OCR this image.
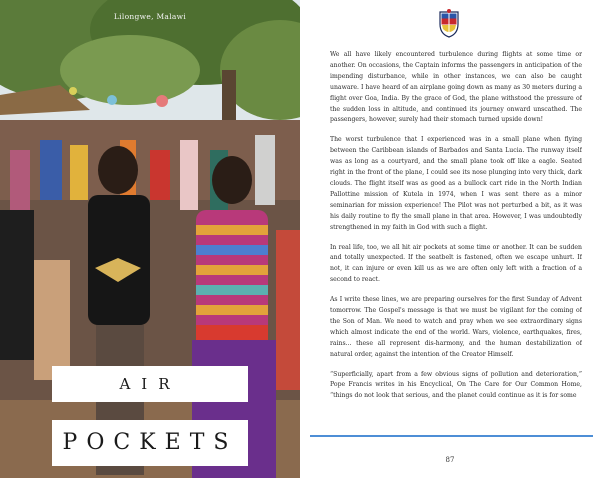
Lilongwe, Malawi
AIR
POCKETS

We all have likely encountered turbulence during flights at some time or another. On occasions, the Captain informs the passengers in anticipation of the impending disturbance, while in other instances, we can also be caught unaware. I have heard of an airplane going down as many as 30 meters during a flight over Goa, India. By the grace of God, the plane withstood the pressure of the sudden loss in altitude, and continued its journey onward unscathed. The passengers, however, surely had their stomach turned upside down!

The worst turbulence that I experienced was in a small plane when flying between the Caribbean islands of Barbados and Santa Lucia. The runway itself was as long as a courtyard, and the small plane took off like a eagle. Seated right in the front of the plane, I could see its nose plunging into very thick, dark clouds. The flight itself was as good as a bullock cart ride in the North Indian Pallottine mission of Kutela in 1974, when I was sent there as a minor seminarian for mission experience! The Pilot was not perturbed a bit, as it was his daily routine to fly the small plane in that area. However, I was undoubtedly strengthened in my faith in God with such a flight.

In real life, too, we all hit air pockets at some time or another. It can be sudden and totally unexpected. If the seatbelt is fastened, often we escape unhurt. If not, it can injure or even kill us as we are often only left with a fraction of a second to react.

As I write these lines, we are preparing ourselves for the first Sunday of Advent tomorrow. The Gospel's message is that we must be vigilant for the coming of the Son of Man. We need to watch and pray when we see extraordinary signs which almost indicate the end of the world. Wars, violence, earthquakes, fires, rains... these all represent dis-harmony, and the human destabilization of natural order, against the intention of the Creator Himself.

“Superficially, apart from a few obvious signs of pollution and deterioration,” Pope Francis writes in his Encyclical, On The Care for Our Common Home, “things do not look that serious, and the planet could continue as it is for some

87
